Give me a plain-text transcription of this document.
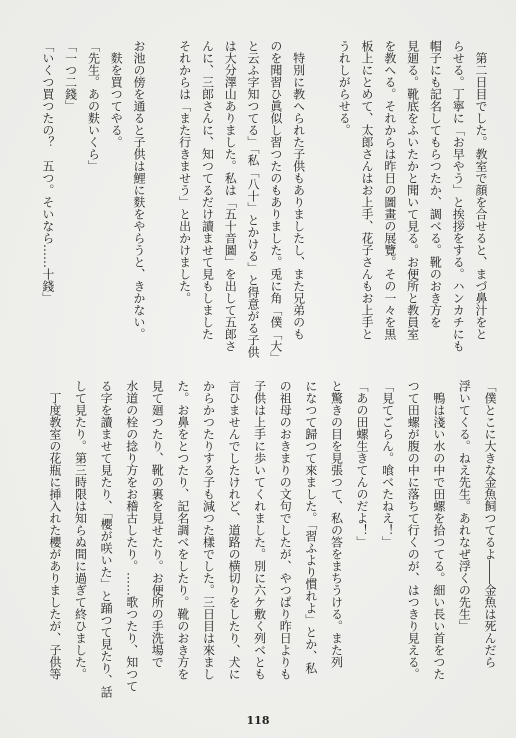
第二日目でした。教室で顔を合せると、まづ鼻汁をと
らせる。丁寧に「お早やう」と挨拶をする。ハンカチにも
帽子にも記名してもらつたか、調べる。靴のおき方を
見廻る。靴底をふいたかと聞いて見る。お便所と教員室
を教へる。それからは昨日の圖畫の展覽。その一々を黒
板上にとめて、太郎さんはお上手、花子さんもお上手と
うれしがらせる。
特別に教へられた子供もありましたし、また兄弟のも
のを聞習ひ眞似し習つたのもありました。兎に角「僕「大」
と云ふ字知つてる」「私「八十」とかける」と得意がる子供
は大分澤山ありました。私は「五十音圖」を出して五郎さ
んに、三郎さんに、知つてるだけ讀ませて見もしました
それからは「また行きませう」と出かけました。
お池の傍を通ると子供は鯉に麩をやらうと、きかない。
麩を買つてやる。
「先生。あの麩いくら」
「一つ二錢」
「いくつ買つたの？　五つ。そいなら……十錢」
「僕とこに大きな金魚飼つてるよ――金魚は死んだら
浮いてくる。ねえ先生。あれなぜ浮くの先生」
鴨は淺い水の中で田螺を拾つてる。細い長い首をつた
つて田螺が腹の中に落ちて行くのが、はつきり見える。
「見てごらん。喰べたねえ！」
「あの田螺生きてんのだよ！」
と驚きの目を見張つて、私の答をまちうける。また列
になつて歸つて來ました。「習ふより慣れよ」とか、私
の祖母のおきまりの文句でしたが、やつぱり昨日よりも
子供は上手に歩いてくれました。別に六ケ敷く列べとも
言ひませんでしたけれど、道路の横切りをしたり、犬に
からかつたりする子も減つた樣でした。三日目は來まし
た。お鼻をとつたり、記名調べをしたり。靴のおき方を
見て廻つたり、靴の裏を見せたり。お便所の手洗場で
水道の栓の捻り方をお稽古したり。……歌つたり、知つて
る字を讀ませて見たり、「櫻が咲いた」と踊つて見たり、話
して見たり。第三時限は知らぬ間に過ぎて終ひました。
丁度教室の花瓶に揷入れた櫻がありましたが、子供等
118
